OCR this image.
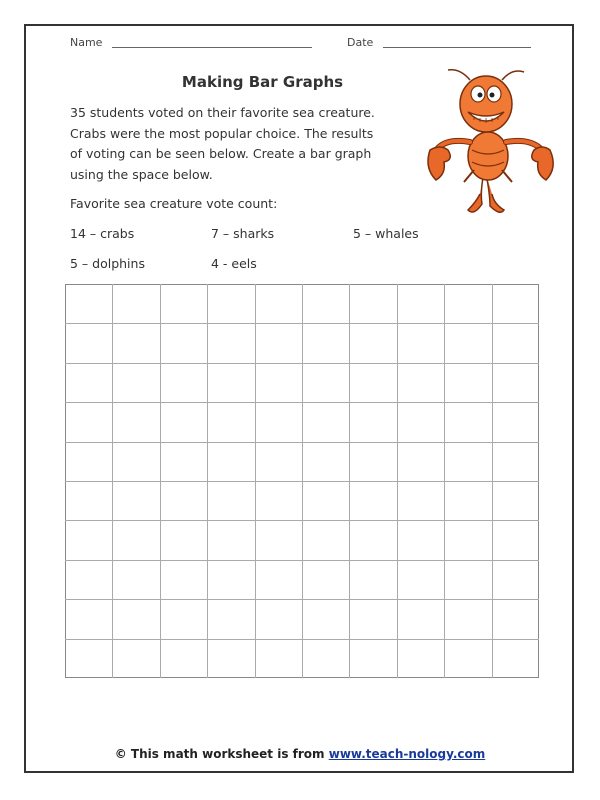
Name	Date
Making Bar Graphs
35 students voted on their favorite sea creature.
Crabs were the most popular choice. The results
of voting can be seen below. Create a bar graph
using the space below.
Favorite sea creature vote count:
14 – crabs	7 – sharks	5 – whales
5 – dolphins	4 - eels
© This math worksheet is from www.teach-nology.com
